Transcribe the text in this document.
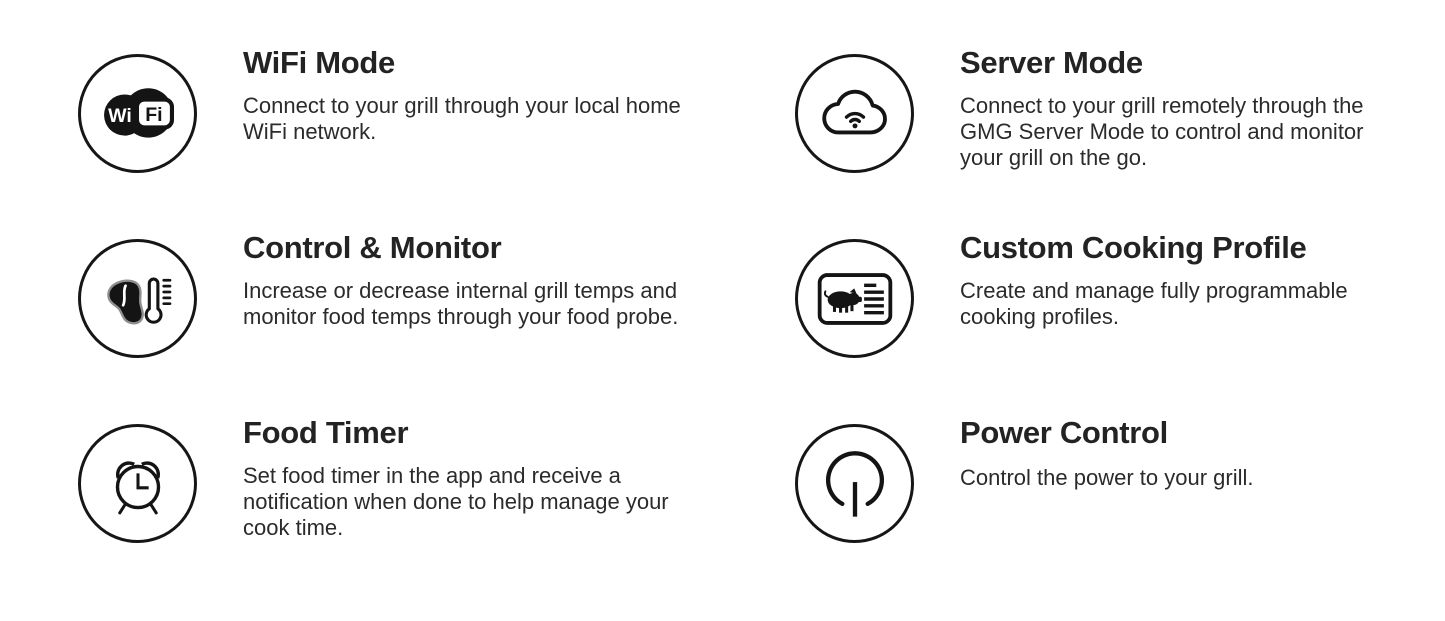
Wi Fi
WiFi Mode

Connect to your grill through your local home WiFi network.

Server Mode

Connect to your grill remotely through the GMG Server Mode to control and monitor your grill on the go.

Control & Monitor

Increase or decrease internal grill temps and monitor food temps through your food probe.

Custom Cooking Profile

Create and manage fully programmable cooking profiles.

Food Timer

Set food timer in the app and receive a notification when done to help manage your cook time.

Power Control

Control the power to your grill.
